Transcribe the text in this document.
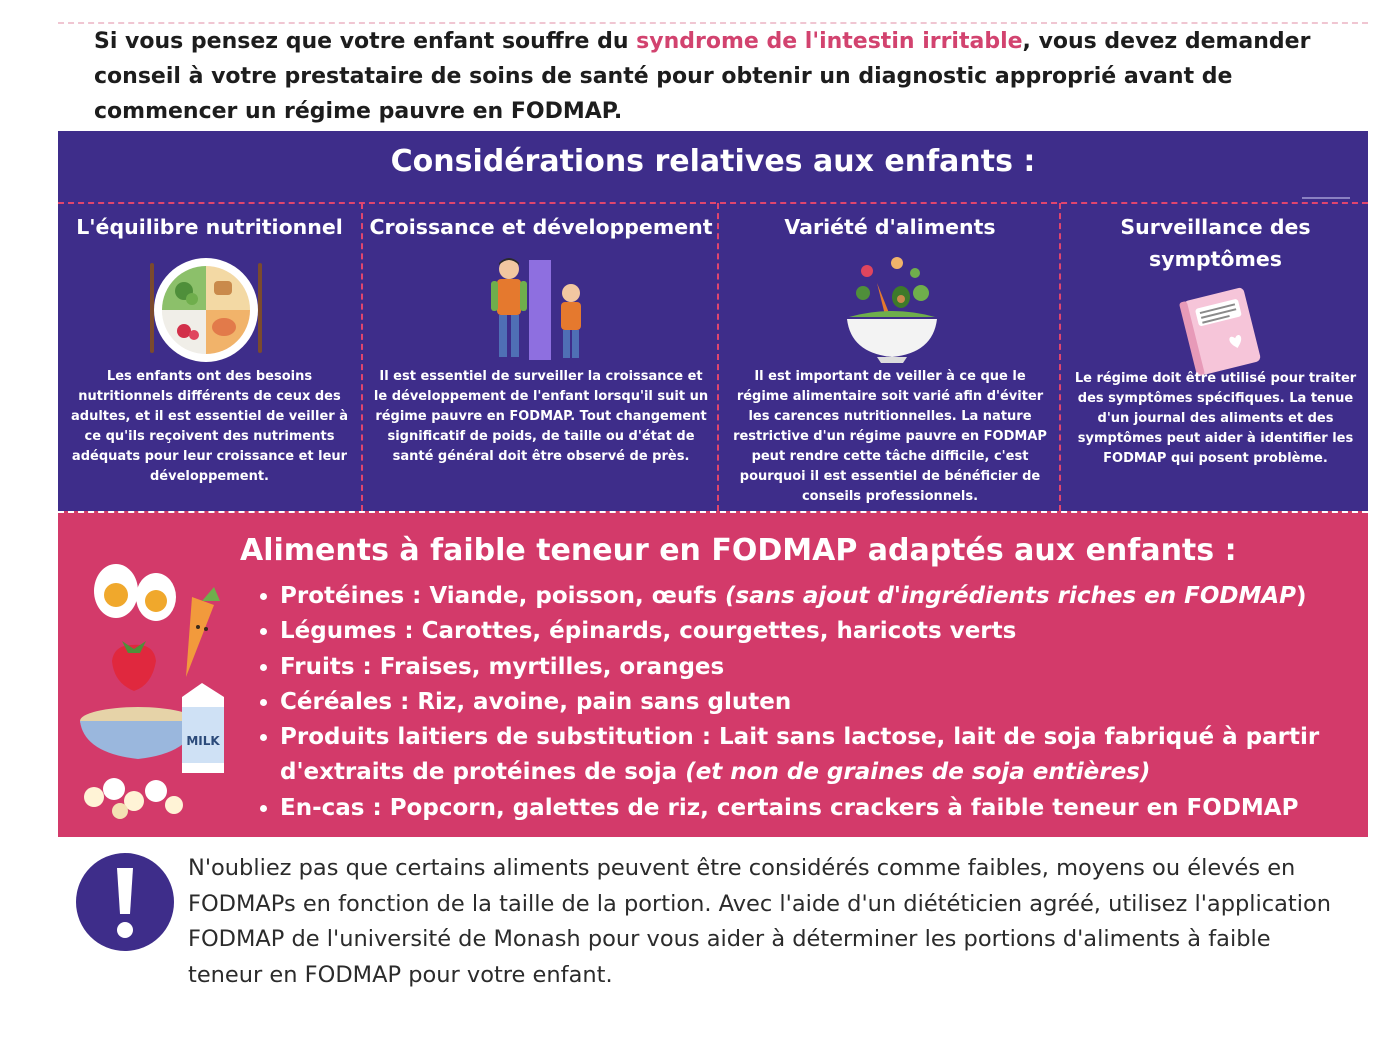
Si vous pensez que votre enfant souffre du syndrome de l'intestin irritable, vous devez demander conseil à votre prestataire de soins de santé pour obtenir un diagnostic approprié avant de commencer un régime pauvre en FODMAP.

Considérations relatives aux enfants :
L'équilibre nutritionnel
Les enfants ont des besoins nutritionnels différents de ceux des adultes, et il est essentiel de veiller à ce qu'ils reçoivent des nutriments adéquats pour leur croissance et leur développement.
Croissance et développement
Il est essentiel de surveiller la croissance et le développement de l'enfant lorsqu'il suit un régime pauvre en FODMAP. Tout changement significatif de poids, de taille ou d'état de santé général doit être observé de près.
Variété d'aliments
Il est important de veiller à ce que le régime alimentaire soit varié afin d'éviter les carences nutritionnelles. La nature restrictive d'un régime pauvre en FODMAP peut rendre cette tâche difficile, c'est pourquoi il est essentiel de bénéficier de conseils professionnels.
Surveillance des symptômes
Le régime doit être utilisé pour traiter des symptômes spécifiques. La tenue d'un journal des aliments et des symptômes peut aider à identifier les FODMAP qui posent problème.
Aliments à faible teneur en FODMAP adaptés aux enfants :
MILK
• Protéines : Viande, poisson, œufs (sans ajout d'ingrédients riches en FODMAP)
• Légumes : Carottes, épinards, courgettes, haricots verts
• Fruits : Fraises, myrtilles, oranges
• Céréales : Riz, avoine, pain sans gluten
• Produits laitiers de substitution : Lait sans lactose, lait de soja fabriqué à partir d'extraits de protéines de soja (et non de graines de soja entières)
• En-cas : Popcorn, galettes de riz, certains crackers à faible teneur en FODMAP

N'oubliez pas que certains aliments peuvent être considérés comme faibles, moyens ou élevés en FODMAPs en fonction de la taille de la portion. Avec l'aide d'un diététicien agréé, utilisez l'application FODMAP de l'université de Monash pour vous aider à déterminer les portions d'aliments à faible teneur en FODMAP pour votre enfant.
